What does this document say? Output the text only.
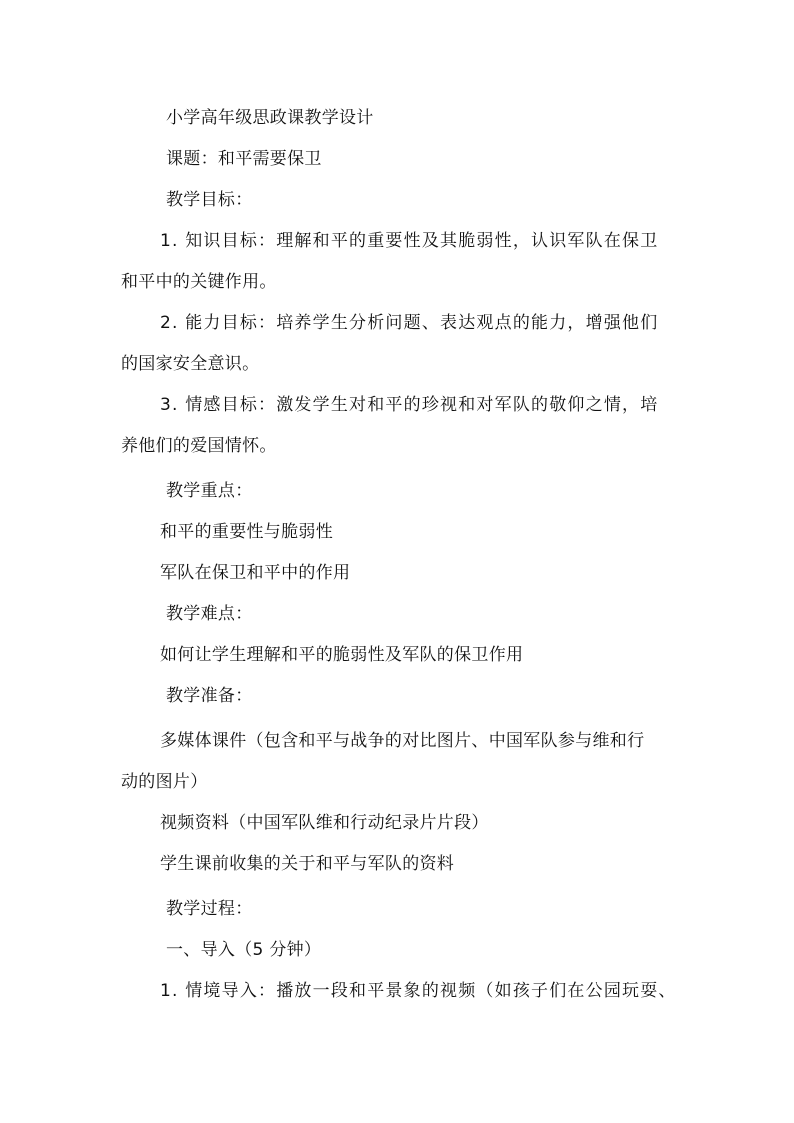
小学高年级思政课教学设计
课题：和平需要保卫
教学目标：
1. 知识目标：理解和平的重要性及其脆弱性，认识军队在保卫
和平中的关键作用。
2. 能力目标：培养学生分析问题、表达观点的能力，增强他们
的国家安全意识。
3. 情感目标：激发学生对和平的珍视和对军队的敬仰之情，培
养他们的爱国情怀。
教学重点：
和平的重要性与脆弱性
军队在保卫和平中的作用
教学难点：
如何让学生理解和平的脆弱性及军队的保卫作用
教学准备：
多媒体课件（包含和平与战争的对比图片、中国军队参与维和行
动的图片）
视频资料（中国军队维和行动纪录片片段）
学生课前收集的关于和平与军队的资料
教学过程：
一、导入（5 分钟）
1. 情境导入：播放一段和平景象的视频（如孩子们在公园玩耍、
